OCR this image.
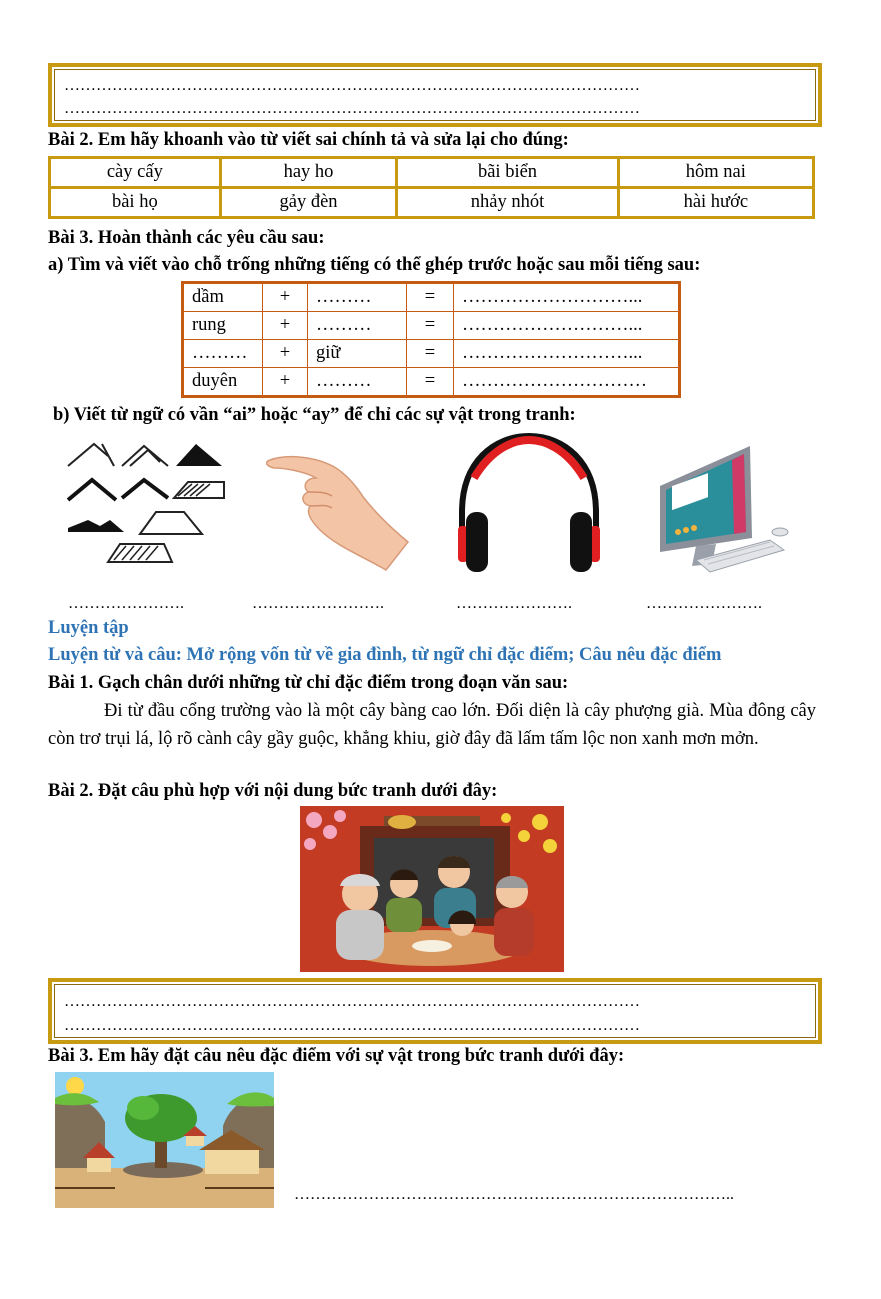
………………………………………………………………………………………………
………………………………………………………………………………………………
Bài 2. Em hãy khoanh vào từ viết sai chính tả và sửa lại cho đúng:
cày cấy	hay ho	bãi biển	hôm nai
bài họ	gảy đèn	nhảy nhót	hài hước
Bài 3. Hoàn thành các yêu cầu sau:
a) Tìm và viết vào chỗ trống những tiếng có thể ghép trước hoặc sau mỗi tiếng sau:
dầm	+	………	=	………………………...
rung	+	………	=	………………………...
………	+	giữ	=	………………………...
duyên	+	………	=	…………………………
b) Viết từ ngữ có vần “ai” hoặc “ay” để chỉ các sự vật trong tranh:
………………….	…………………….	………………….	………………….
Luyện tập
Luyện từ và câu: Mở rộng vốn từ về gia đình, từ ngữ chỉ đặc điểm; Câu nêu đặc điểm
Bài 1. Gạch chân dưới những từ chỉ đặc điểm trong đoạn văn sau:
Đi từ đầu cổng trường vào là một cây bàng cao lớn. Đối diện là cây phượng già. Mùa đông cây còn trơ trụi lá, lộ rõ cành cây gầy guộc, khẳng khiu, giờ đây đã lấm tấm lộc non xanh mơn mởn.
Bài 2. Đặt câu phù hợp với nội dung bức tranh dưới đây:
………………………………………………………………………………………………
………………………………………………………………………………………………
Bài 3. Em hãy đặt câu nêu đặc điểm với sự vật trong bức tranh dưới đây:
………………………………………………………………………..
